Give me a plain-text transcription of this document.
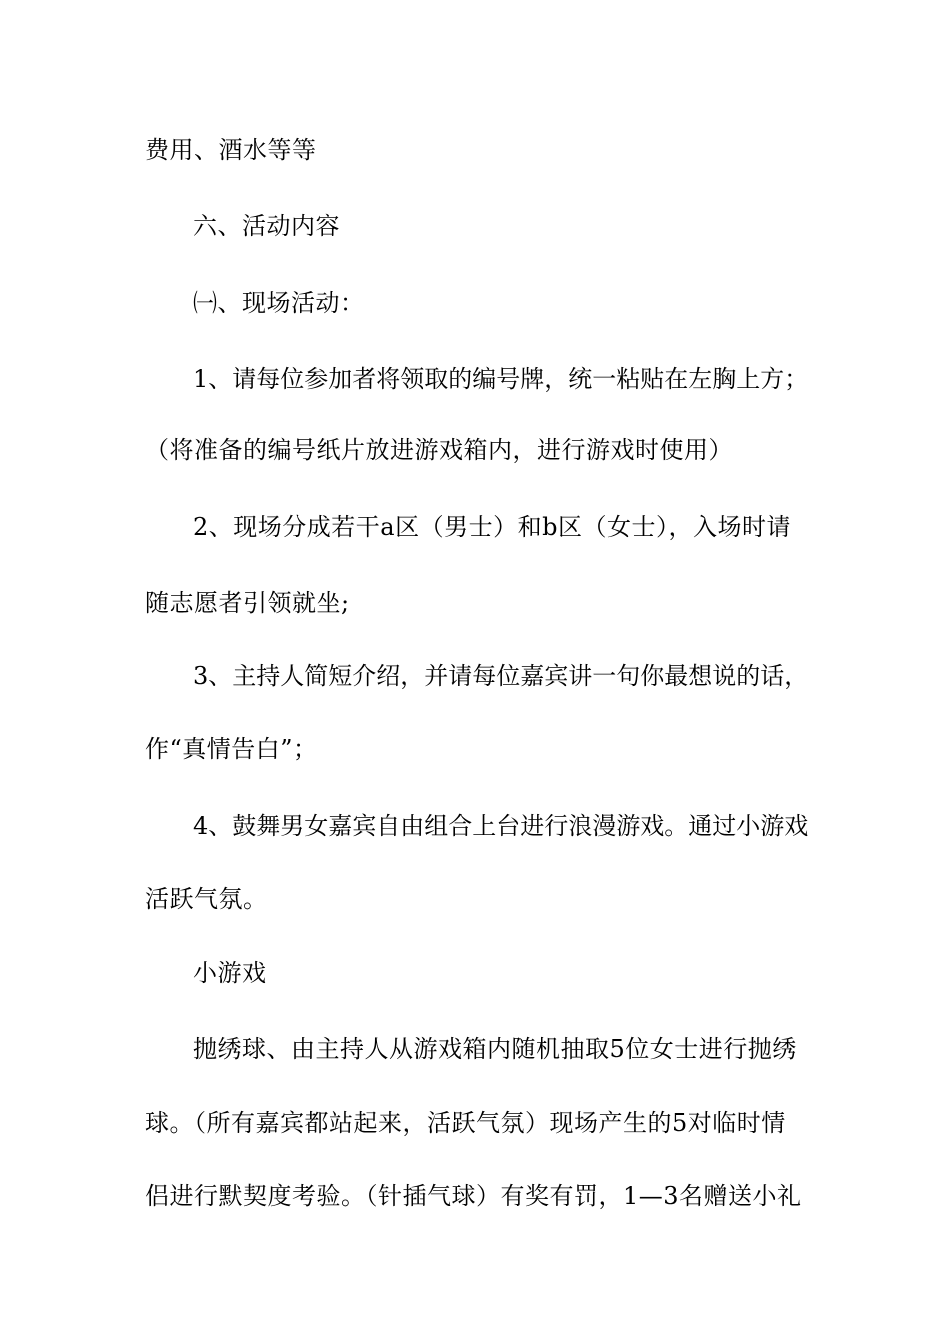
费用、酒水等等
六、活动内容
㈠、现场活动：
1、请每位参加者将领取的编号牌，统一粘贴在左胸上方；
（将准备的编号纸片放进游戏箱内，进行游戏时使用）
2、现场分成若干a区（男士）和b区（女士），入场时请
随志愿者引领就坐;
3、主持人简短介绍，并请每位嘉宾讲一句你最想说的话，
作“真情告白”；
4、鼓舞男女嘉宾自由组合上台进行浪漫游戏。通过小游戏
活跃气氛。
小游戏
抛绣球、由主持人从游戏箱内随机抽取5位女士进行抛绣
球。（所有嘉宾都站起来，活跃气氛）现场产生的5对临时情
侣进行默契度考验。（针插气球）有奖有罚，1—3名赠送小礼
